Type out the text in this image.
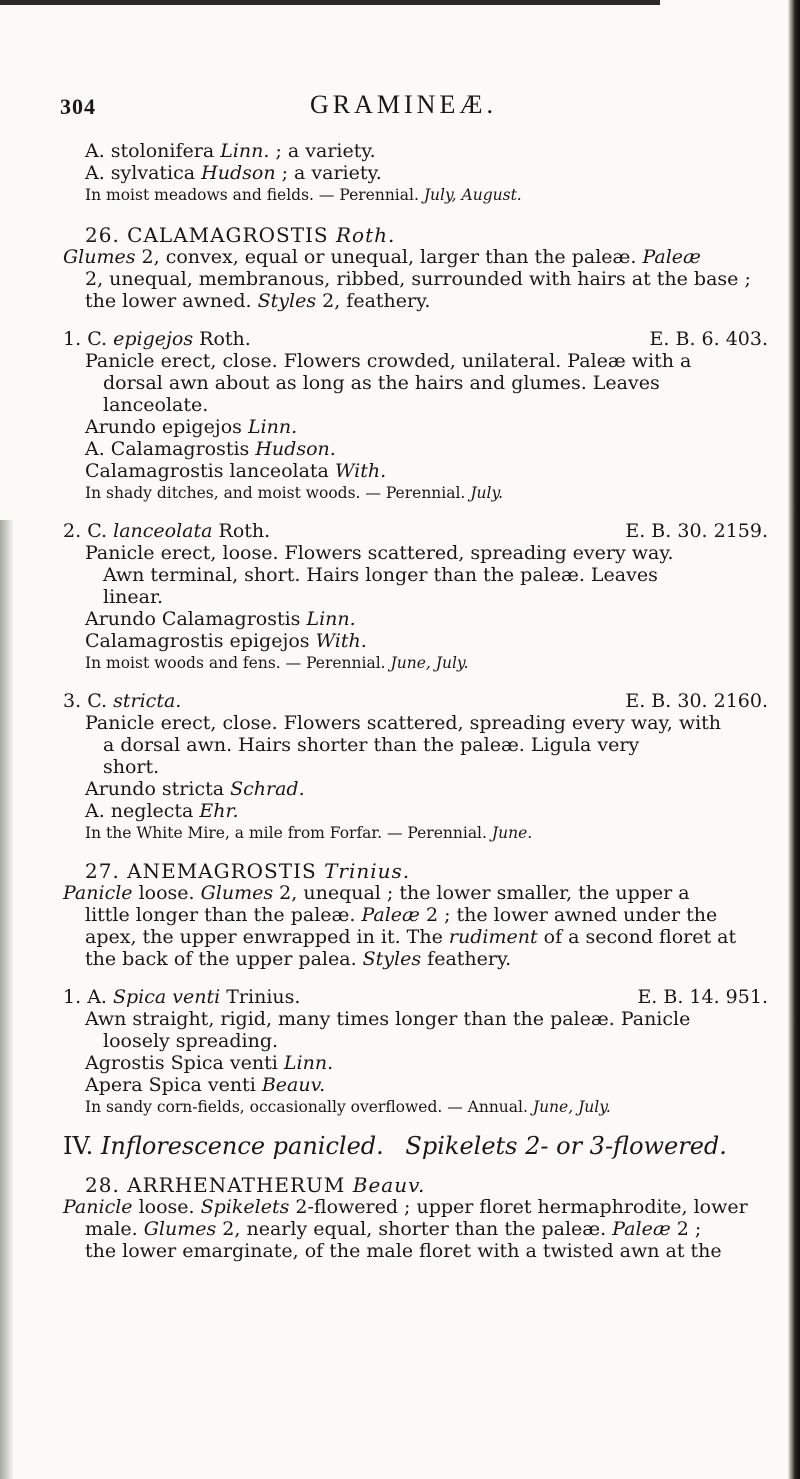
304	GRAMINEÆ.
A. stolonifera Linn. ; a variety.
A. sylvatica Hudson ; a variety.
In moist meadows and fields. — Perennial. July, August.
26. CALAMAGROSTIS Roth.
Glumes 2, convex, equal or unequal, larger than the paleæ. Paleæ
2, unequal, membranous, ribbed, surrounded with hairs at the base ;
the lower awned. Styles 2, feathery.
1. C. epigejos Roth.	E. B. 6. 403.
Panicle erect, close. Flowers crowded, unilateral. Paleæ with a
dorsal awn about as long as the hairs and glumes. Leaves
lanceolate.
Arundo epigejos Linn.
A. Calamagrostis Hudson.
Calamagrostis lanceolata With.
In shady ditches, and moist woods. — Perennial. July.
2. C. lanceolata Roth.	E. B. 30. 2159.
Panicle erect, loose. Flowers scattered, spreading every way.
Awn terminal, short. Hairs longer than the paleæ. Leaves
linear.
Arundo Calamagrostis Linn.
Calamagrostis epigejos With.
In moist woods and fens. — Perennial. June, July.
3. C. stricta.	E. B. 30. 2160.
Panicle erect, close. Flowers scattered, spreading every way, with
a dorsal awn. Hairs shorter than the paleæ. Ligula very
short.
Arundo stricta Schrad.
A. neglecta Ehr.
In the White Mire, a mile from Forfar. — Perennial. June.
27. ANEMAGROSTIS Trinius.
Panicle loose. Glumes 2, unequal ; the lower smaller, the upper a
little longer than the paleæ. Paleæ 2 ; the lower awned under the
apex, the upper enwrapped in it. The rudiment of a second floret at
the back of the upper palea. Styles feathery.
1. A. Spica venti Trinius.	E. B. 14. 951.
Awn straight, rigid, many times longer than the paleæ. Panicle
loosely spreading.
Agrostis Spica venti Linn.
Apera Spica venti Beauv.
In sandy corn-fields, occasionally overflowed. — Annual. June, July.
IV. Inflorescence panicled. Spikelets 2- or 3-flowered.
28. ARRHENATHERUM Beauv.
Panicle loose. Spikelets 2-flowered ; upper floret hermaphrodite, lower
male. Glumes 2, nearly equal, shorter than the paleæ. Paleæ 2 ;
the lower emarginate, of the male floret with a twisted awn at the
